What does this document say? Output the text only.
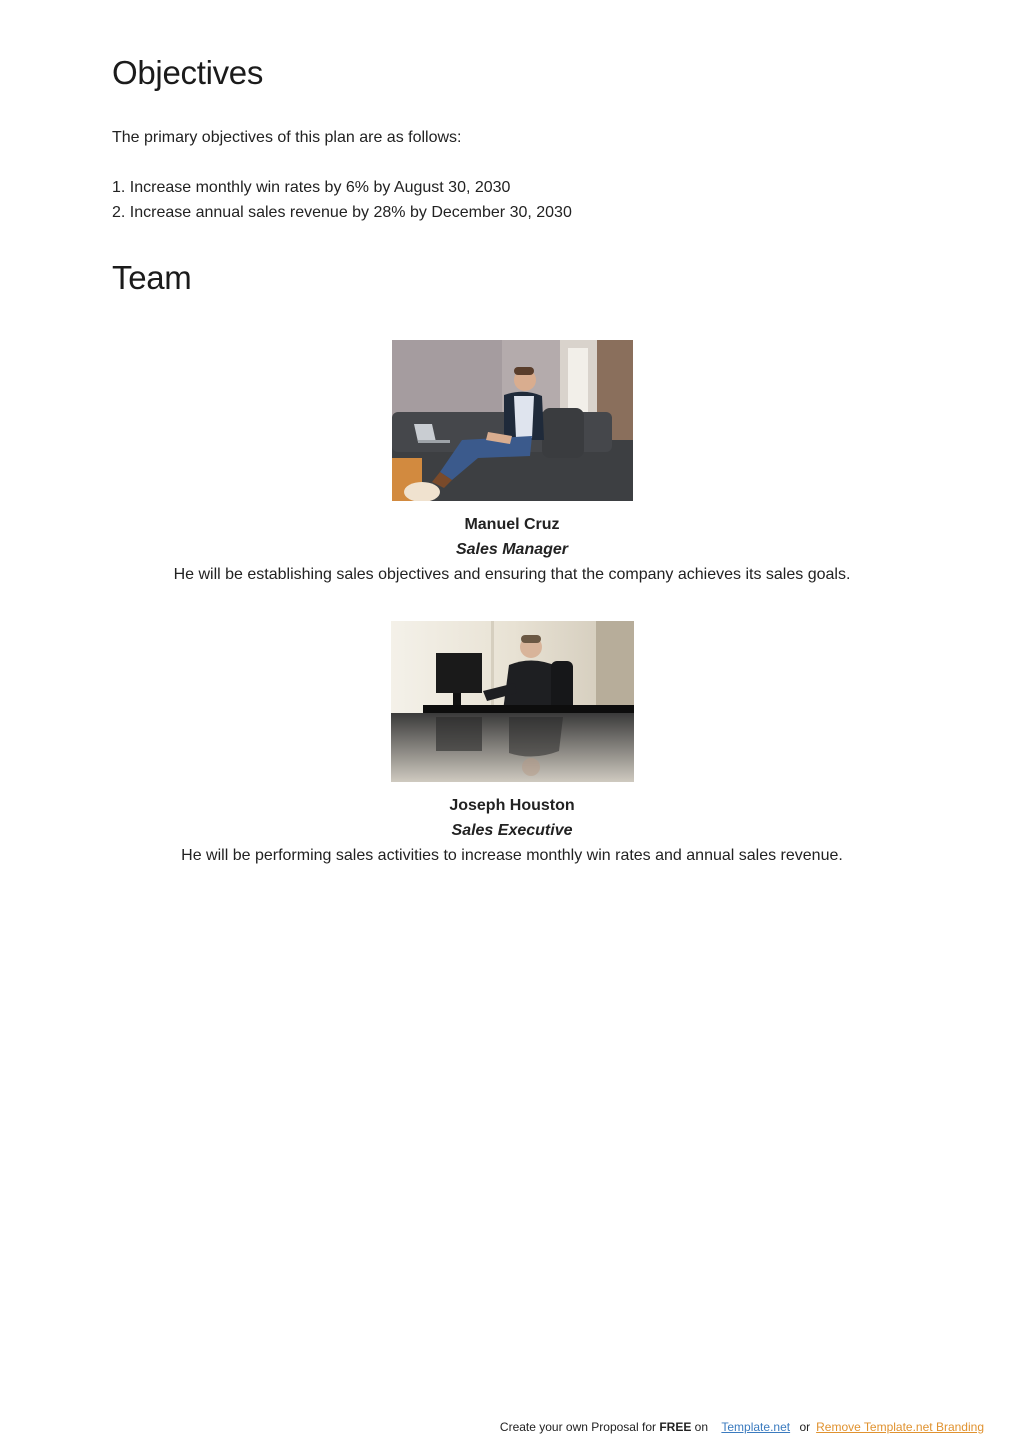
Objectives

The primary objectives of this plan are as follows:

1. Increase monthly win rates by 6% by August 30, 2030
2. Increase annual sales revenue by 28% by December 30, 2030
Team
Manuel Cruz
Sales Manager
He will be establishing sales objectives and ensuring that the company achieves its sales goals.
Joseph Houston
Sales Executive
He will be performing sales activities to increase monthly win rates and annual sales revenue.
Create your own Proposal for FREE on Template.net or Remove Template.net Branding
